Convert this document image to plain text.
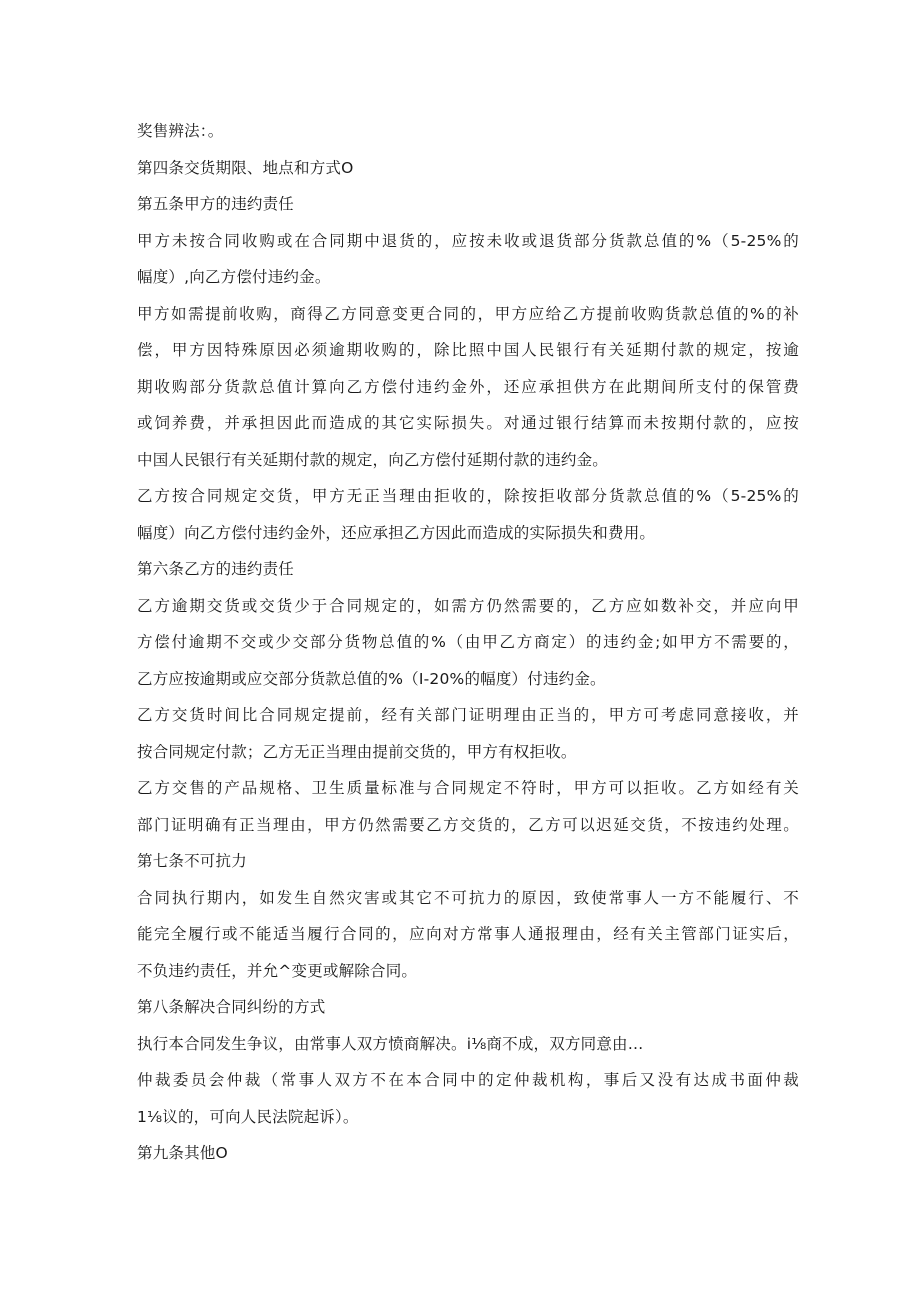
奖售辨法：。
第四条交货期限、地点和方式O
第五条甲方的违约责任
甲方未按合同收购或在合同期中退货的，应按未收或退货部分货款总值的%（5-25%的
幅度）,向乙方偿付违约金。
甲方如需提前收购，商得乙方同意变更合同的，甲方应给乙方提前收购货款总值的%的补
偿，甲方因特殊原因必须逾期收购的，除比照中国人民银行有关延期付款的规定，按逾
期收购部分货款总值计算向乙方偿付违约金外，还应承担供方在此期间所支付的保管费
或饲养费，并承担因此而造成的其它实际损失。对通过银行结算而未按期付款的，应按
中国人民银行有关延期付款的规定，向乙方偿付延期付款的违约金。
乙方按合同规定交货，甲方无正当理由拒收的，除按拒收部分货款总值的%（5-25%的
幅度）向乙方偿付违约金外，还应承担乙方因此而造成的实际损失和费用。
第六条乙方的违约责任
乙方逾期交货或交货少于合同规定的，如需方仍然需要的，乙方应如数补交，并应向甲
方偿付逾期不交或少交部分货物总值的%（由甲乙方商定）的违约金;如甲方不需要的，
乙方应按逾期或应交部分货款总值的%（I-20%的幅度）付违约金。
乙方交货时间比合同规定提前，经有关部门证明理由正当的，甲方可考虑同意接收，并
按合同规定付款；乙方无正当理由提前交货的，甲方有权拒收。
乙方交售的产品规格、卫生质量标准与合同规定不符时，甲方可以拒收。乙方如经有关
部门证明确有正当理由，甲方仍然需要乙方交货的，乙方可以迟延交货，不按违约处理。
第七条不可抗力
合同执行期内，如发生自然灾害或其它不可抗力的原因，致使常事人一方不能履行、不
能完全履行或不能适当履行合同的，应向对方常事人通报理由，经有关主管部门证实后，
不负违约责任，并允^变更或解除合同。
第八条解决合同纠纷的方式
执行本合同发生争议，由常事人双方愤商解决。i⅛商不成，双方同意由…
仲裁委员会仲裁（常事人双方不在本合同中的定仲裁机构，事后又没有达成书面仲裁
1⅛议的，可向人民法院起诉）。
第九条其他O
